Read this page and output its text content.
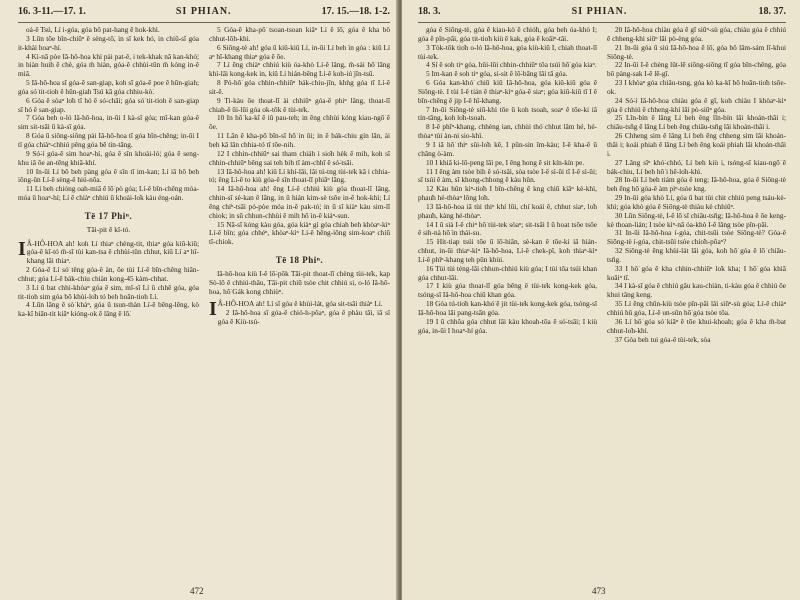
16. 3-11.—17. 1.	SI PHIAN.	17. 15.—18. 1-2.

oá-ê Tsú, Lí i-góa, góa bô pat-hang ê hok-khì.

3 Lūn tōe bîn-chiūⁿ ê sèng-tô͘, in sī kek hó, in chiū-sī góa it-khài hoaⁿ-hí.

4 Kì-nā pòe Iâ-hô-hoa khì pài pat-ê, i tek-khak nā kan-khó͘; in hiàn huih ê chè, góa m̄ hiàn, góa-ê chhùi-tûn m̄ kóng in-ê miâ.

5 Iâ-hô-hoa sī góa-ê san-giap, koh sī góa-ê poe ê hūn-giah; góa só͘ tit-tioh ê hūn-giah Tsú kā góa chhiu-kò͘.

6 Góa ê sòaⁿ lo̍h tī hó ê só͘-chāi; góa só͘ tit-tioh ê san-giap sī hó ê san-giap.

7 Góa beh o-ló Iâ-hô-hoa, in-ūi I kà-sī góa; mî-kan góa-ê sim sit-tsāi ū kà-sī góa.

8 Góa ū siông-siông pài Iâ-hô-hoa tī góa bīn-chêng; in-ūi I tī góa chiàⁿ-chhiú pêng góa bē tín-tāng.

9 Só͘-í góa-ê sim hoaⁿ-hí, góa ê sîn khoài-ló͘; góa ê seng-khu iā ōe an-tēng khiā-khí.

10 In-ūi Lí bô beh pàng góa ê sîn tī im-kan; Lí iā bô beh iông-ûn Lí-ê sèng-ê hiú-nōa.

11 Lí beh chióng oah-miā ê lō͘ pò góa; Lí-ê bīn-chêng móa-móa ū hoaⁿ-hí; Lí ê chiàⁿ chhiú ū khoài-lo̍k kàu éng-oán.

Tē 17 Phiⁿ.
Tāi-pit ê kî-tó.

I Â-HÔ-HOA ah! koh Lí thiaⁿ chèng-tit, thiaⁿ góa kiû-kiû; góa-ê kî-tó m̄-sī tùi kan-tsa ê chhùi-tûn chhut, kiû Lí aⁿ hī-khang lâi thiaⁿ.

2 Góa-ê Lí só͘ têng góa-ê àn, ōe tùi Lí-ê bīn-chêng hiān-chhut; góa Lí-ê bák-chiu chiàn kong-45 kàm-chhat.

3 Lí ū bat chhi-khòaⁿ góa ê sim, mî-sî Lí ū chhē góa, góa tit-tioh sim góa bô khùi-lo̍h tó beh hoān-tioh Lí.

4 Lūn lâng ê sò͘ khàⁿ, góa ū tsun-thàn Lí-ê bēng-lēng, kò ka-kī biān-tit kiâⁿ kióng-ok ê lâng ê lō͘.

5 Góa-ê kha-pō͘ tsoan-tsoan kiâⁿ Lí ê lō͘, góa ê kha bô chhut-lōh-khì.

6 Siông-tè ah! góa ū kiû-kiû Lí, in-ūi Lí beh ìn góa : kiû Lí aⁿ hī-khang thiaⁿ góa ê ōe.

7 Lí ēng chiàⁿ chhiú kiù óa-khò Lí-ê lâng, m̄-sái hō͘ lâng khí-lâi kong-kek in, kiû Lí hián-bêng Lí-ê koh-iú͘ jîn-tsû.

8 Pó-hō͘ góa chhin-chhiūⁿ bák-chiu-jîn, khǹg góa tī Lí-ê sit-ē.

9 Ti-kàu ōe thoat-lī ài chhiūⁿ góa-ê phiⁿ lâng, thoat-lī chiah-ê ūi-lūi góa ok-tōk ê tùi-te̍k.

10 In hō͘ ka-kī ê iû pau-teh; in ēng chhùi kóng kiau-ngō͘ ê ōe.

11 Lân ê kha-pō͘ bīn-sī hō͘ in ūi; in ē bák-chiu gín lân, ài beh kā lân chhia-tó tī tōe-nih.

12 I chhin-chhiūⁿ sai tham chiáh i sio̍h hèk ê mih, koh sī chhin-chhiūⁿ bêng sai teh bih tī àm-chhī ê só͘-tsāi.

13 Iâ-hô-hoa ah! kiû Lí khí-lâi, lâi tú-tng tùi-te̍k kā i chhia-tó; ēng Lí-ê to kiù góa-ê sîn thoat-lī phiāⁿ lâng.

14 Iâ-hô-hoa ah! ēng Lí-ê chhiú kiù góa thoat-lī lâng, chhin-sī sè-kan ê lâng, in ū hián kim-sè tsōe in-ê hok-khì; Lí ēng chi̍ⁿ-tsāi pó-pòe móa in-ê pak-tó͘; in ū sī kiàⁿ kàu sim-lī chiok; in sū chhun-chhùi ê mih hō͘ in-ê kiáⁿ-sun.

15 Nā-sī kóng kàu góa, góa kiàⁿ gí góa chiah beh khòaⁿ-kìⁿ Lí-ê bīn; góa chhéⁿ, khòaⁿ-kìⁿ Lí-ê hêng-iōng sim-koaⁿ chiū tī-chiok.

Tē 18 Phiⁿ.

Iâ-hô-hoa kiù I-ê lō͘-pôk Tāi-pit thoat-lī chèng tùi-te̍k, kap Sò-lô ê chhiú-thâu, Tāi-pit chiū tsòe chit chhiú si, o-ló Iâ-hô-hoa, hō͘ Gák kong chhiùⁿ.

I Â-HÔ-HOA ah! Lí sī góa ê khùi-lát, góa sit-tsāi thiàⁿ Lí.

2 Iâ-hô-hoa sī góa-ê chió-h-pôaⁿ, góa ê phàu tāi, iā sī góa ê Kiù-tsú-

472
18. 3.	SI PHIAN.	18. 37.

góa ê Siōng-tè, góa ê kiau-kò͘ ê chió͘h, góa beh óa-khò I; góa ê pîn-pāi, góa tit-tio̍h kiù ê kak, góa ê koâiⁿ-tāi.

3 Tòk-tōk tio̍h o-ló Iâ-hô-hoa, góa kiù-kiû I, chiah thoat-lī tùi-te̍k.

4 Sí ê soh tiⁿ góa, hûi-lūi chhin-chhiūⁿ tōa tsúi hō͘ góa kiaⁿ.

5 Im-kan ê soh tiⁿ góa, sí-sit ê lō͘-bāng lâi tā góa.

6 Góa kan-khó͘ chiū kiû Iâ-hô-hoa, góa kiû-kiû góa ê Siōng-tè. I tùi I-ê tián ê thiaⁿ-kìⁿ góa-ê siaⁿ; góa kiû-kiû tī I ê bīn-chêng ê jip I-ê hī-khang.

7 In-ūi Siōng-tè siū-khì tōe ū koh tsoah, soaⁿ ê tōe-ki iā tín-tāng, koh lo̍h-tsoah.

8 I-ê phīⁿ-khang, chhèng ian, chhùi thó͘ chhut lâm hé, hé-thòaⁿ tùi àn-ni sio-khì.

9 I iā hō͘ thiⁿ sûi-lo̍h kē, I pūn-sin îm-kàu; I-ê kha-ē ū chāng ò͘-àm.

10 I khiâ ki-lō-peng lâi pe, I ēng hong ê sit kín-kín pe.

11 I ēng àm tsòe bih ê só͘-tsāi, sòa tsòe I-ê sì-ûi tī I-ê sì-ûi; sī tsúi ê àm, sī khong-chhong ê kàu hûn.

12 Kàu hûn kìⁿ-tio̍h I bīn-chêng ê kng chiū kiâⁿ kè-khì, phau̍h hé-thòaⁿ lông lo̍h.

13 Iâ-hô-hoa iā tùi thiⁿ khí lūi, chi̍ koái ê, chhut siaⁿ, lo̍h phau̍h, kàng hé-thòaⁿ.

14 I ū sià I-ê chiⁿ hō͘ tùi-tek sòaⁿ; sit-tsāi I ū hoat tsōe tsōe ê sih-nà hō͘ in thái-su.

15 Hit-tiap tsúi tōe ū lō͘-hiān, sè-kan ê tōe-ki iā hián-chhut, in-ūi thiaⁿ-kìⁿ Iâ-hô-hoa, Lí-ê chek-pī, koh thiaⁿ-kìⁿ Lí-ê phīⁿ-khang teh pūn khùi.

16 Tùi tùi téng-lâi chhun-chhiú kiù góa; I tùi tōa tsúi khan góa chhut-lâi.

17 I kiù góa thoat-lī góa bêng ê tùi-te̍k kong-kek góa, tsóng-sī Iâ-hô-hoa chiū khan góa.

18 Góa tú-tio̍h kan-khó͘ ê jit tùi-te̍k kong-kek góa, tsóng-sī Iâ-hô-hoa lâi pang-tsān góa.

19 I ū chhōa góa chhut lâi kàu khoah-tōa ê só͘-tsāi; I kiù góa, in-ūi I hoaⁿ-hí góa.

20 Iâ-hô-hoa chiàu góa ê gī siūⁿ-sù góa, chiàu góa ê chhiú ê chheng-khì siūⁿ lâi pò-èng góa.

21 In-ūi góa ū siú Iâ-hô-hoa ê lō͘, góa bô lâm-sám lī-khui Siōng-tè.

22 In-ūi I-ê chèng lūt-lē siōng-siōng tī góa bīn-chêng, góa bô pàng-sak I-ê lē-gî.

23 I khòaⁿ góa chiâu-tsng, góa kò ka-kī bô hoān-tio̍h tsōe-ok.

24 Só͘-í Iâ-hô-hoa chiàu góa ê gī, koh chiàu I khòaⁿ-kìⁿ góa ê chhiú ê chheng-khì lâi pò-siūⁿ góa.

25 Lîn-bín ê lâng Lí beh ēng lîn-bín lâi khoán-thāi i; chiâu-tsn̂g ê lâng Lí beh ēng chiâu-tsn̂g lâi khoán-thāi i.

26 Chheng sim ê lâng Lí beh ēng chheng sim lâi khoán-thāi i; koái phiah ê lâng Lí beh ēng koái phiah lâi khoán-thāi i.

27 Lâng sīⁿ khó͘-chhó͘, Lí beh kiù i, tsóng-sī kiau-ngō͘ ê bák-chiu, Lí beh hō͘ i hē-lo̍h-khì.

28 In-ūi Lí beh tiám góa ê teng; Iâ-hô-hoa, góa ê Siōng-tè beh ēng hō͘ góa-ê àm pìⁿ-tsòe kng.

29 In-ūi góa khò Lí, góa ū bat tùi chit chhiú peng tsáu-kè-khì; góa khò góa ê Siōng-tè thiàu kè chhiûⁿ.

30 Lūn Siōng-tè, I-ê lō͘ sī chiâu-tsn̂g; Iâ-hô-hoa ê ōe keng-kè thoan-lián; I tsòe kìⁿ-nā óa-khò I-ê lâng tsòe pîn-pāi.

31 In-ūi Iâ-hô-hoa í-góa, chit-tsūi tsòe Siōng-tè? Góa-ê Siōng-tè í-góa, chit-tsūi tsòe chio̍h-pôaⁿ?

32 Siōng-tè ēng khùi-lát lâi góa, koh hō͘ góa ê lō͘ chiâu-tsn̂g.

33 I hō͘ góa ê kha chhin-chhiūⁿ lo̍k kha; I hō͘ góa khiā koâiⁿ tī.

34 I kà-sī góa ê chhiú gâu kau-chiàn, ti-kàu góa ê chhiú ōe khui tâng keng.

35 Lí ēng chûn-kiù tsòe pîn-pāi lâi siūⁿ-sù góa; Lí-ê chiàⁿ chhiú hû góa, Lí-ê un-sūn hō͘ góa tsòe tōa.

36 Lí hō͘ góa só͘ kiâⁿ ê tōe khui-khoah; góa ê kha m̄-bat chhut-lo̍h-khì.

37 Góa beh tui góa-ê tùi-te̍k, sòa

473
